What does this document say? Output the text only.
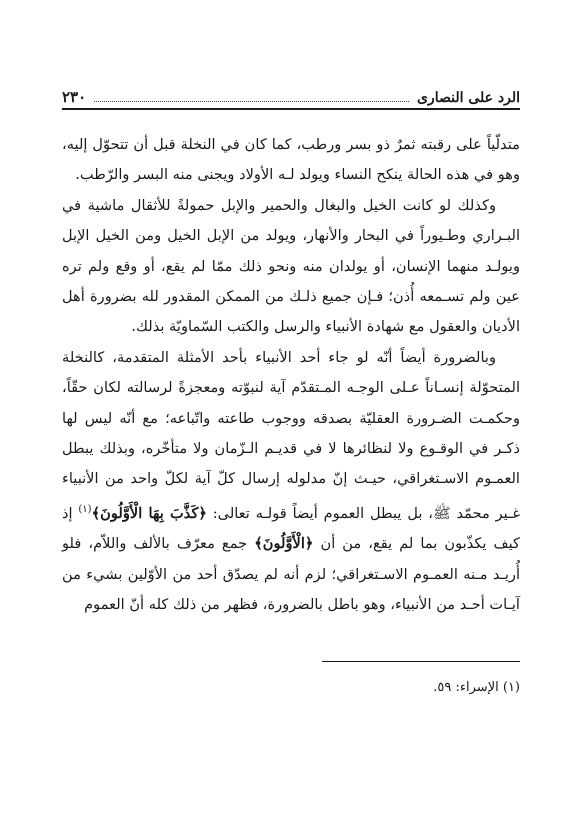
٢٣٠	الرد على النصارى

متدلّياً على رقبته ثمرٌ ذو بسر ورطب، كما كان في النخلة قبل أن تتحوّل إليه، وهو في هذه الحالة ينكح النساء ويولد لـه الأولاد ويجنى منه البسر والرّطب.

وكذلك لو كانت الخيل والبغال والحمير والإبل حمولةً للأثقال ماشية في البـراري وطـيوراً في البحار والأنهار، ويولد من الإبل الخيل ومن الخيل الإبل ويولـد منهما الإنسان، أو يولدان منه ونحو ذلك ممّا لم يقع، أو وقع ولم تره عين ولم تسـمعه أُذن؛ فـإن جميع ذلـك من الممكن المقدور لله بضرورة أهل الأديان والعقول مع شهادة الأنبياء والرسل والكتب السّماويّة بذلك.

وبالضرورة أيضاً أنّه لو جاء أحد الأنبياء بأحد الأمثلة المتقدمة، كالنخلة المتحوّلة إنسـاناً عـلى الوجـه المـتقدّم آية لنبوّته ومعجزةً لرسالته لكان حقّاً، وحكمـت الضـرورة العقليّة بصدقه ووجوب طاعته واتّباعه؛ مع أنّه ليس لها ذكـر في الوقـوع ولا لنظائرها لا في قديـم الـزّمان ولا متأخّره، وبذلك يبطل العمـوم الاسـتغراقي، حيـث إنّ مدلوله إرسال كلّ آية لكلّ واحد من الأنبياء غـير محمّد ﷺ، بل يبطل العموم أيضاً قولـه تعالى: ﴿كَذَّبَ بِهَا الْأَوَّلُونَ﴾$^{(١)}$ إذ كيف يكذّبون بما لم يقع، من أن ﴿الْأَوَّلُونَ﴾ جمع معرّف بالألف واللاّم، فلو أُريـد مـنه العمـوم الاسـتغراقي؛ لزم أنه لم يصدّق أحد من الأوّلين بشيء من آيـات أحـد من الأنبياء، وهو باطل بالضرورة، فظهر من ذلك كله أنّ العموم

(١) الإسراء: ٥٩.
